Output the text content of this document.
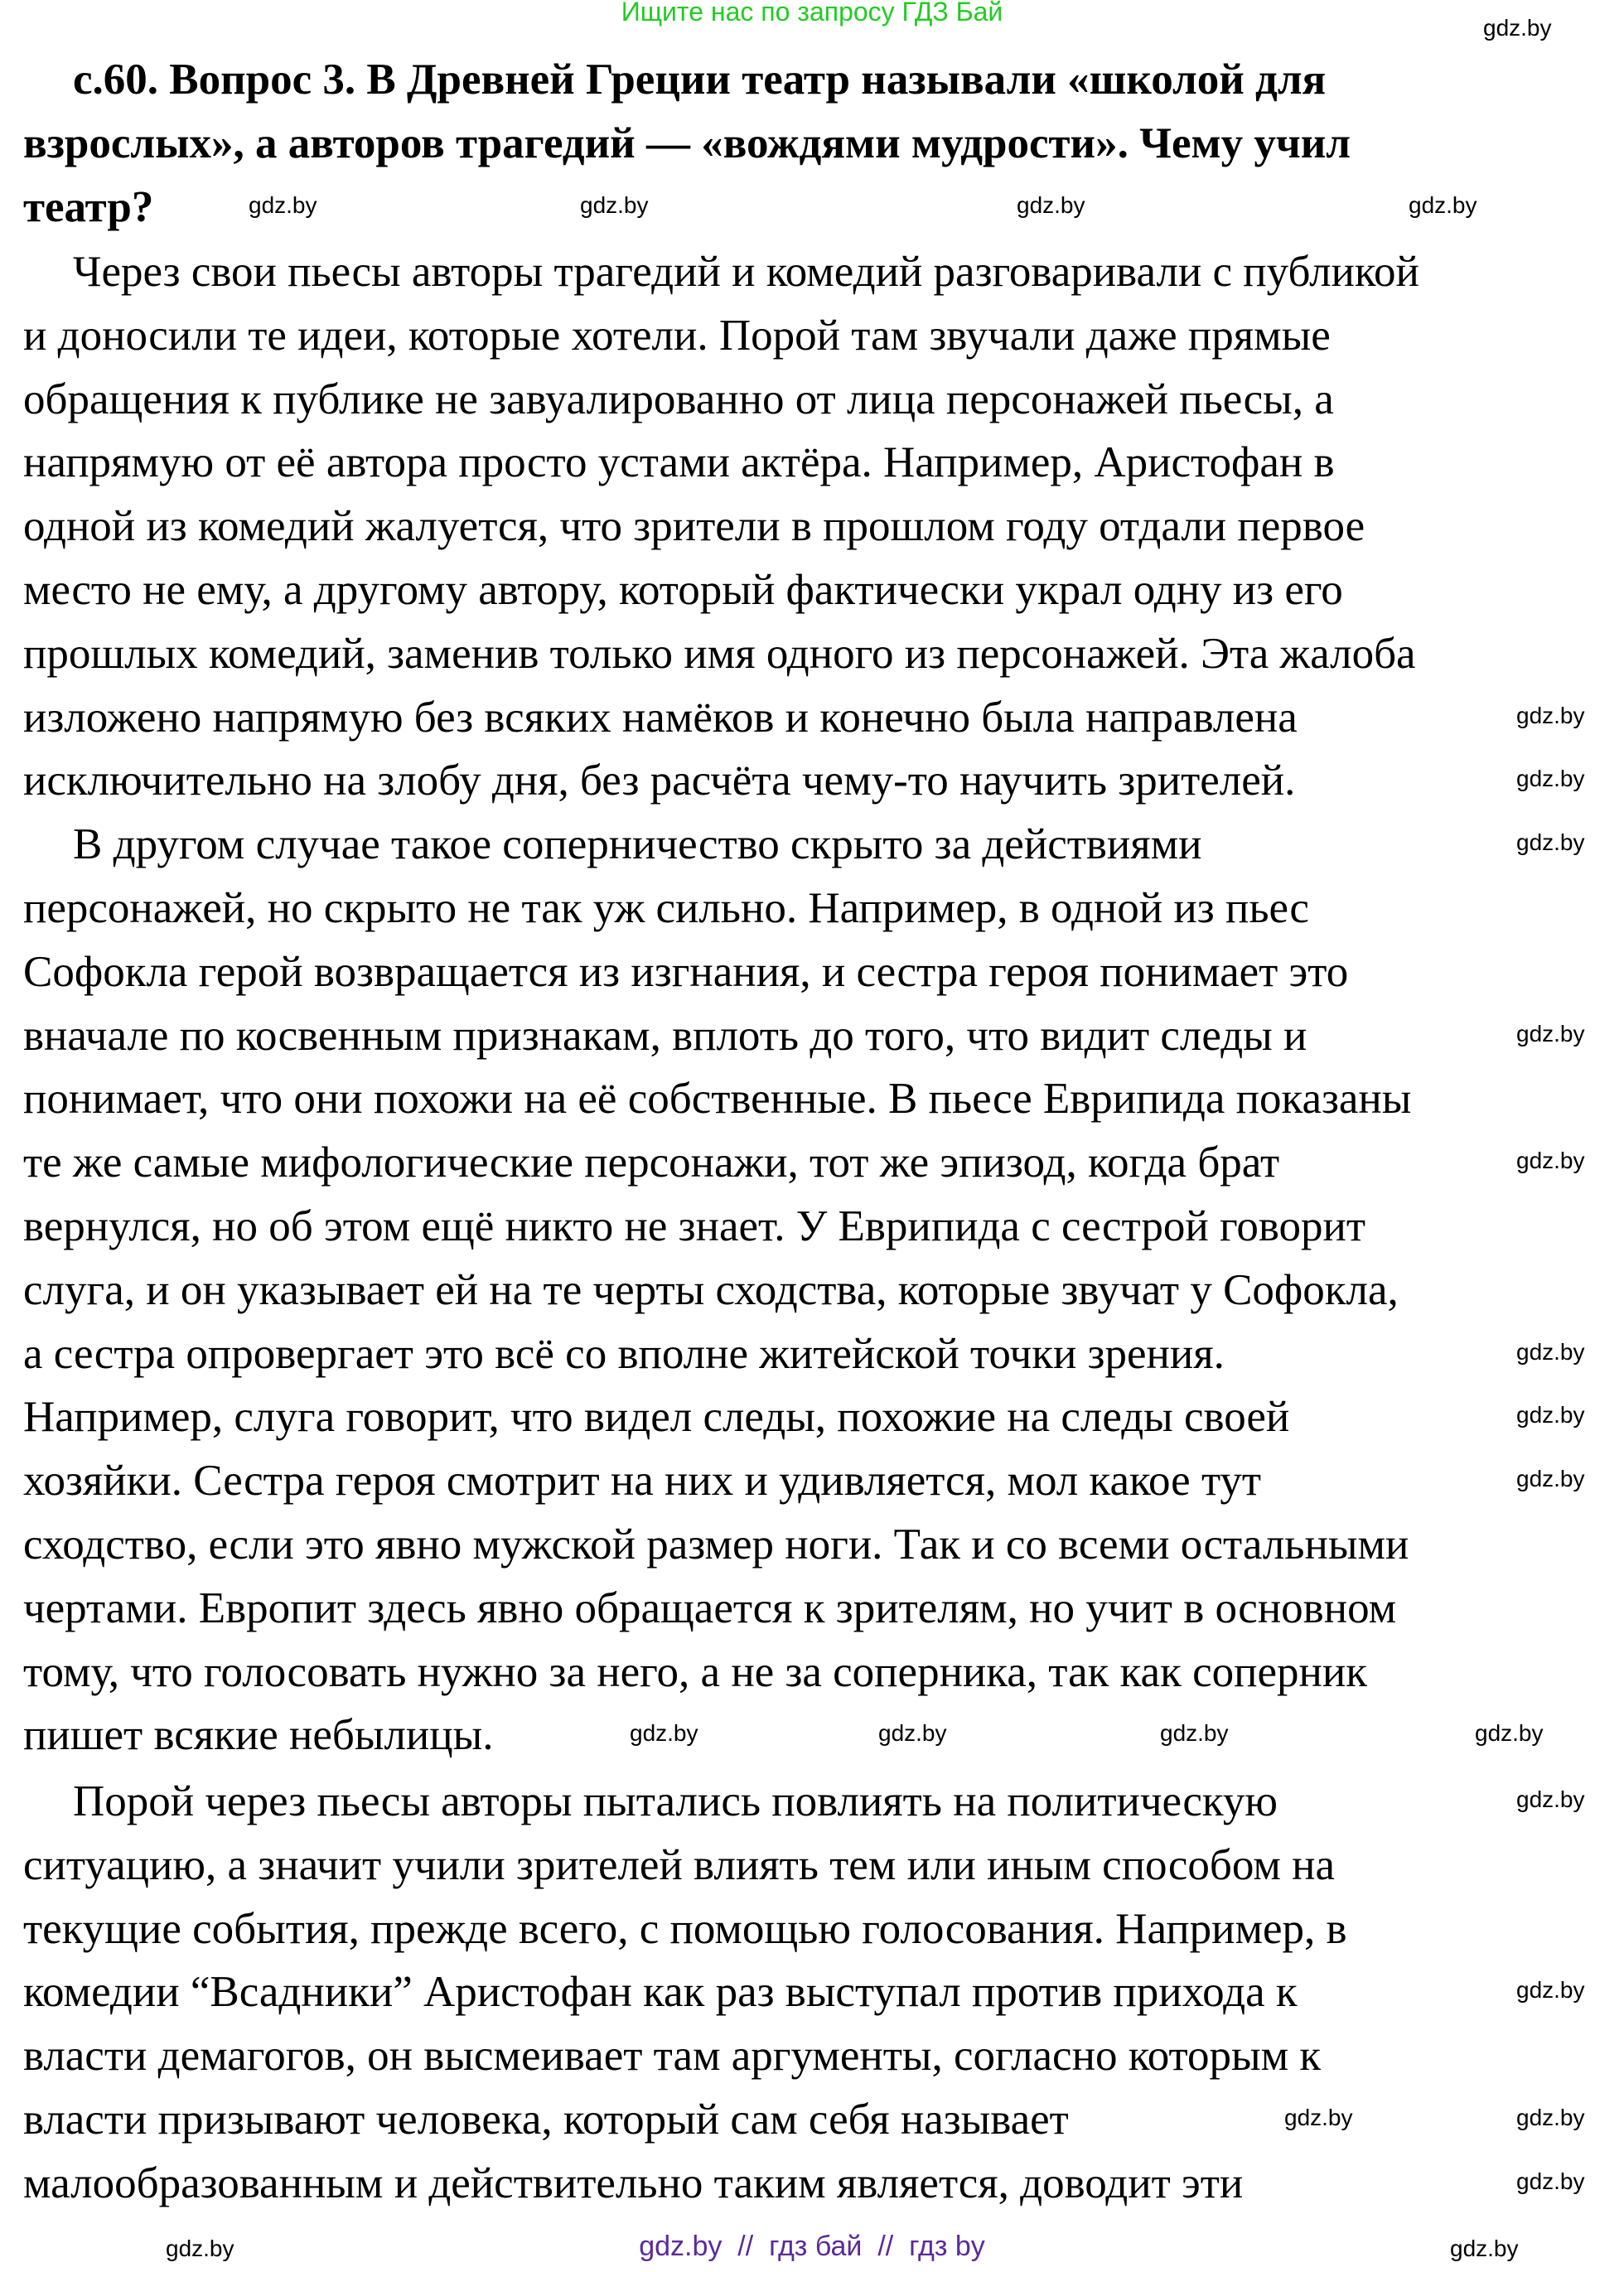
Ищите нас по запросу ГДЗ Бай
с.60. Вопрос 3. В Древней Греции театр называли «школой для
взрослых», а авторов трагедий — «вождями мудрости». Чему учил
театр?
Через свои пьесы авторы трагедий и комедий разговаривали с публикой
и доносили те идеи, которые хотели. Порой там звучали даже прямые
обращения к публике не завуалированно от лица персонажей пьесы, а
напрямую от её автора просто устами актёра. Например, Аристофан в
одной из комедий жалуется, что зрители в прошлом году отдали первое
место не ему, а другому автору, который фактически украл одну из его
прошлых комедий, заменив только имя одного из персонажей. Эта жалоба
изложено напрямую без всяких намёков и конечно была направлена
исключительно на злобу дня, без расчёта чему-то научить зрителей.
В другом случае такое соперничество скрыто за действиями
персонажей, но скрыто не так уж сильно. Например, в одной из пьес
Софокла герой возвращается из изгнания, и сестра героя понимает это
вначале по косвенным признакам, вплоть до того, что видит следы и
понимает, что они похожи на её собственные. В пьесе Еврипида показаны
те же самые мифологические персонажи, тот же эпизод, когда брат
вернулся, но об этом ещё никто не знает. У Еврипида с сестрой говорит
слуга, и он указывает ей на те черты сходства, которые звучат у Софокла,
а сестра опровергает это всё со вполне житейской точки зрения.
Например, слуга говорит, что видел следы, похожие на следы своей
хозяйки. Сестра героя смотрит на них и удивляется, мол какое тут
сходство, если это явно мужской размер ноги. Так и со всеми остальными
чертами. Европит здесь явно обращается к зрителям, но учит в основном
тому, что голосовать нужно за него, а не за соперника, так как соперник
пишет всякие небылицы.
Порой через пьесы авторы пытались повлиять на политическую
ситуацию, а значит учили зрителей влиять тем или иным способом на
текущие события, прежде всего, с помощью голосования. Например, в
комедии “Всадники” Аристофан как раз выступал против прихода к
власти демагогов, он высмеивает там аргументы, согласно которым к
власти призывают человека, который сам себя называет
малообразованным и действительно таким является, доводит эти
gdz.by
gdz.by	gdz.by	gdz.by	gdz.by
gdz.by
gdz.by
gdz.by
gdz.by
gdz.by
gdz.by
gdz.by
gdz.by
gdz.by	gdz.by	gdz.by	gdz.by
gdz.by
gdz.by
gdz.by	gdz.by
gdz.by
gdz.by	gdz.by
gdz.by  //  гдз бай  //  гдз by
